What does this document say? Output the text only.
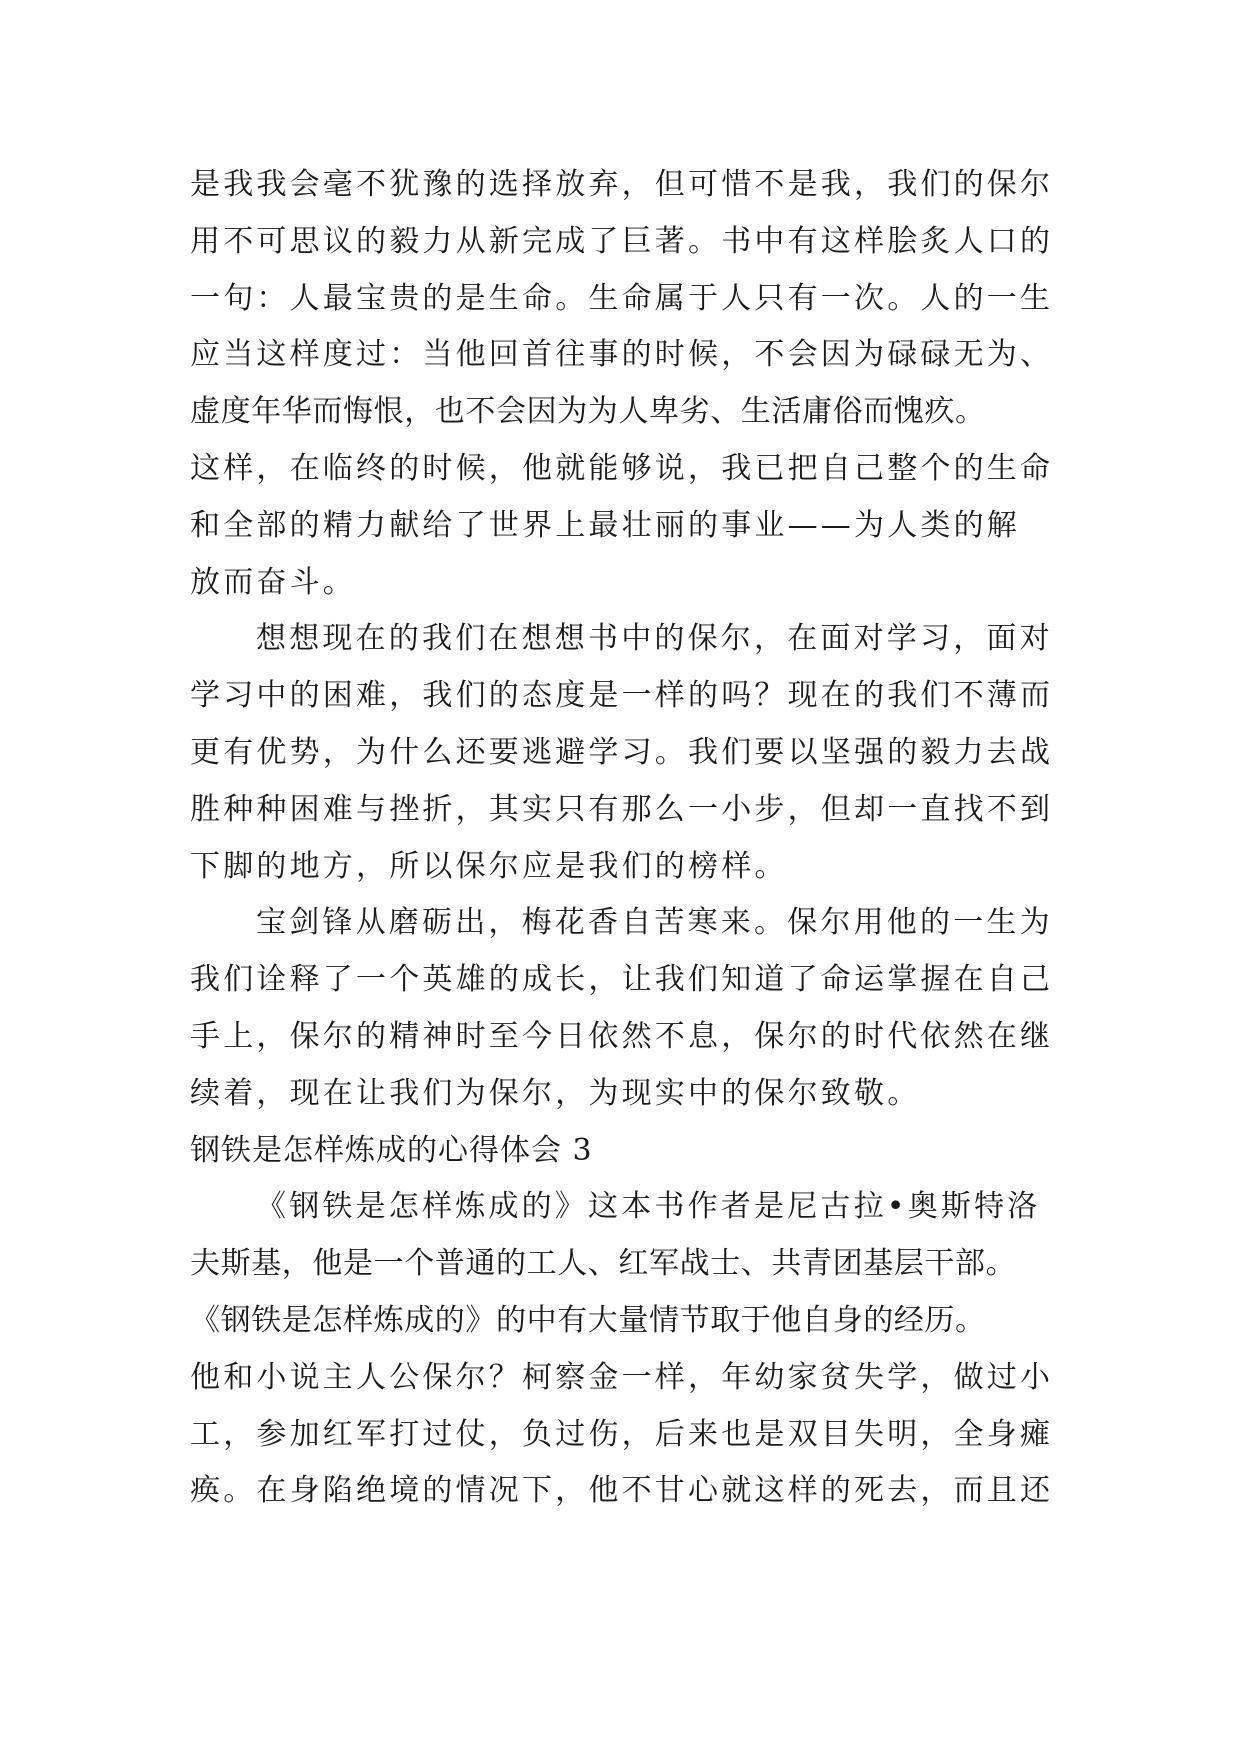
是我我会毫不犹豫的选择放弃，但可惜不是我，我们的保尔
用不可思议的毅力从新完成了巨著。书中有这样脍炙人口的
一句：人最宝贵的是生命。生命属于人只有一次。人的一生
应当这样度过：当他回首往事的时候，不会因为碌碌无为、
虚度年华而悔恨，也不会因为为人卑劣、生活庸俗而愧疚。
这样，在临终的时候，他就能够说，我已把自己整个的生命
和全部的精力献给了世界上最壮丽的事业——为人类的解
放而奋斗。
想想现在的我们在想想书中的保尔，在面对学习，面对
学习中的困难，我们的态度是一样的吗？现在的我们不薄而
更有优势，为什么还要逃避学习。我们要以坚强的毅力去战
胜种种困难与挫折，其实只有那么一小步，但却一直找不到
下脚的地方，所以保尔应是我们的榜样。
宝剑锋从磨砺出，梅花香自苦寒来。保尔用他的一生为
我们诠释了一个英雄的成长，让我们知道了命运掌握在自己
手上，保尔的精神时至今日依然不息，保尔的时代依然在继
续着，现在让我们为保尔，为现实中的保尔致敬。
钢铁是怎样炼成的心得体会 3
《钢铁是怎样炼成的》这本书作者是尼古拉•奥斯特洛
夫斯基，他是一个普通的工人、红军战士、共青团基层干部。
《钢铁是怎样炼成的》的中有大量情节取于他自身的经历。
他和小说主人公保尔？柯察金一样，年幼家贫失学，做过小
工，参加红军打过仗，负过伤，后来也是双目失明，全身瘫
痪。在身陷绝境的情况下，他不甘心就这样的死去，而且还
